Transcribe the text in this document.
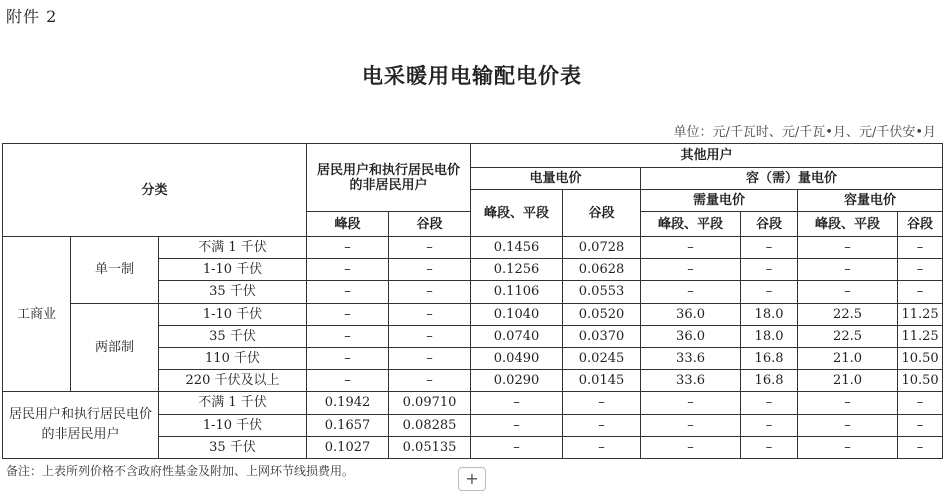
附件 2
电采暖用电输配电价表
单位：元/千瓦时、元/千瓦•月、元/千伏安•月
分类			居民用户和执行居民电价的非居民用户		其他用户					
					电量电价		容（需）量电价			
					峰段、平段	谷段	需量电价		容量电价	
			峰段	谷段			峰段、平段	谷段	峰段、平段	谷段
工商业	单一制	不满 1 千伏	–	–	0.1456	0.0728	–	–	–	–
		1-10 千伏	–	–	0.1256	0.0628	–	–	–	–
		35 千伏	–	–	0.1106	0.0553	–	–	–	–
	两部制	1-10 千伏	–	–	0.1040	0.0520	36.0	18.0	22.5	11.25
		35 千伏	–	–	0.0740	0.0370	36.0	18.0	22.5	11.25
		110 千伏	–	–	0.0490	0.0245	33.6	16.8	21.0	10.50
		220 千伏及以上	–	–	0.0290	0.0145	33.6	16.8	21.0	10.50
居民用户和执行居民电价的非居民用户		不满 1 千伏	0.1942	0.09710	–	–	–	–	–	–
		1-10 千伏	0.1657	0.08285	–	–	–	–	–	–
		35 千伏	0.1027	0.05135	–	–	–	–	–	–
备注：上表所列价格不含政府性基金及附加、上网环节线损费用。	+
